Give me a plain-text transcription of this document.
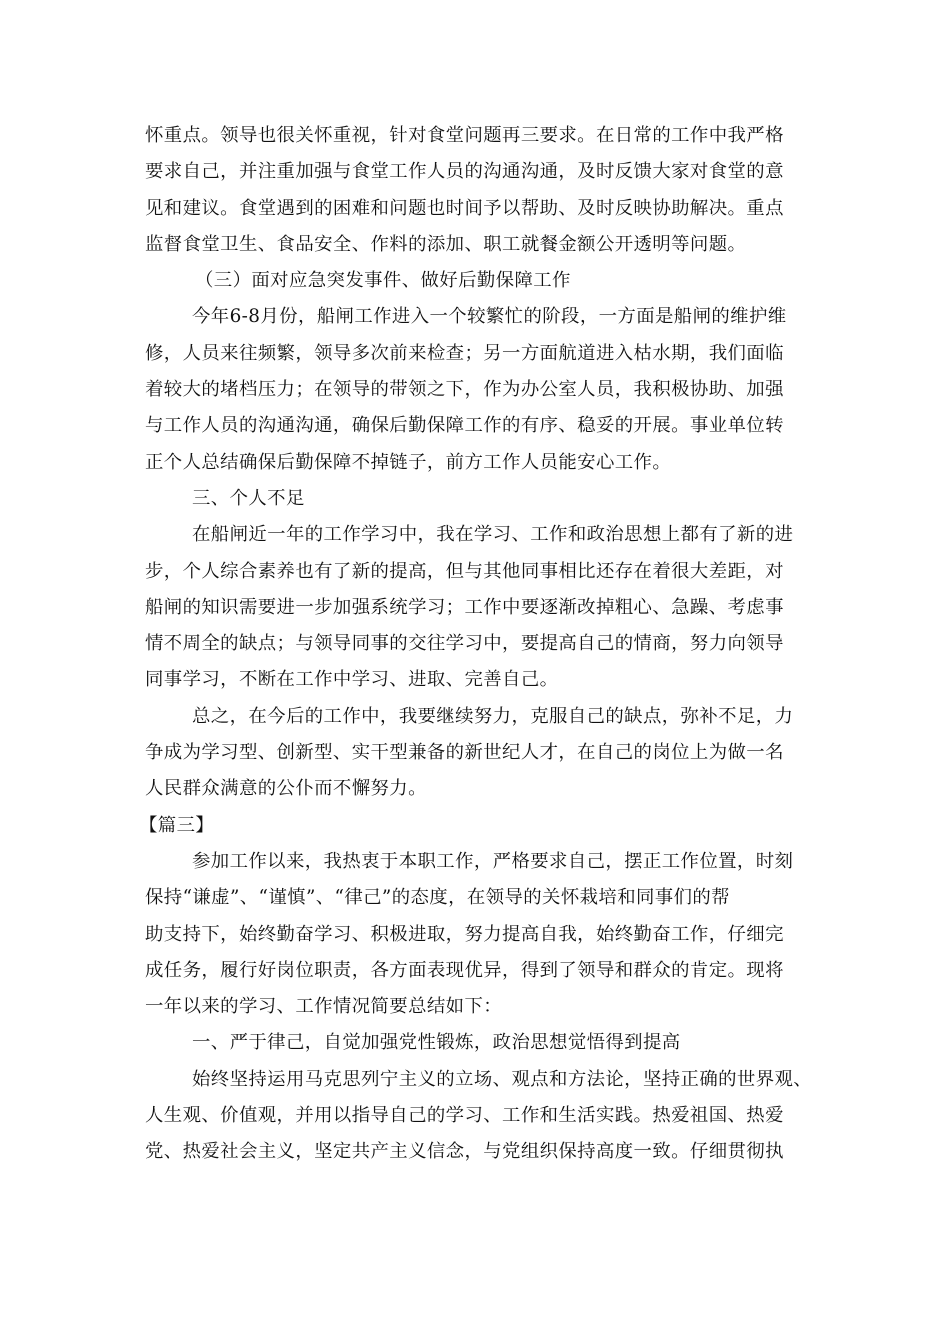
怀重点。领导也很关怀重视，针对食堂问题再三要求。在日常的工作中我严格
要求自己，并注重加强与食堂工作人员的沟通沟通，及时反馈大家对食堂的意
见和建议。食堂遇到的困难和问题也时间予以帮助、及时反映协助解决。重点
监督食堂卫生、食品安全、作料的添加、职工就餐金额公开透明等问题。
（三）面对应急突发事件、做好后勤保障工作
今年6-8月份，船闸工作进入一个较繁忙的阶段，一方面是船闸的维护维
修，人员来往频繁，领导多次前来检查；另一方面航道进入枯水期，我们面临
着较大的堵档压力；在领导的带领之下，作为办公室人员，我积极协助、加强
与工作人员的沟通沟通，确保后勤保障工作的有序、稳妥的开展。事业单位转
正个人总结确保后勤保障不掉链子，前方工作人员能安心工作。
三、个人不足
在船闸近一年的工作学习中，我在学习、工作和政治思想上都有了新的进
步，个人综合素养也有了新的提高，但与其他同事相比还存在着很大差距，对
船闸的知识需要进一步加强系统学习；工作中要逐渐改掉粗心、急躁、考虑事
情不周全的缺点；与领导同事的交往学习中，要提高自己的情商，努力向领导
同事学习，不断在工作中学习、进取、完善自己。
总之，在今后的工作中，我要继续努力，克服自己的缺点，弥补不足，力
争成为学习型、创新型、实干型兼备的新世纪人才，在自己的岗位上为做一名
人民群众满意的公仆而不懈努力。
【篇三】
参加工作以来，我热衷于本职工作，严格要求自己，摆正工作位置，时刻
保持“谦虚”、“谨慎”、“律己”的态度，在领导的关怀栽培和同事们的帮
助支持下，始终勤奋学习、积极进取，努力提高自我，始终勤奋工作，仔细完
成任务，履行好岗位职责，各方面表现优异，得到了领导和群众的肯定。现将
一年以来的学习、工作情况简要总结如下：
一、严于律己，自觉加强党性锻炼，政治思想觉悟得到提高
始终坚持运用马克思列宁主义的立场、观点和方法论，坚持正确的世界观、
人生观、价值观，并用以指导自己的学习、工作和生活实践。热爱祖国、热爱
党、热爱社会主义，坚定共产主义信念，与党组织保持高度一致。仔细贯彻执
